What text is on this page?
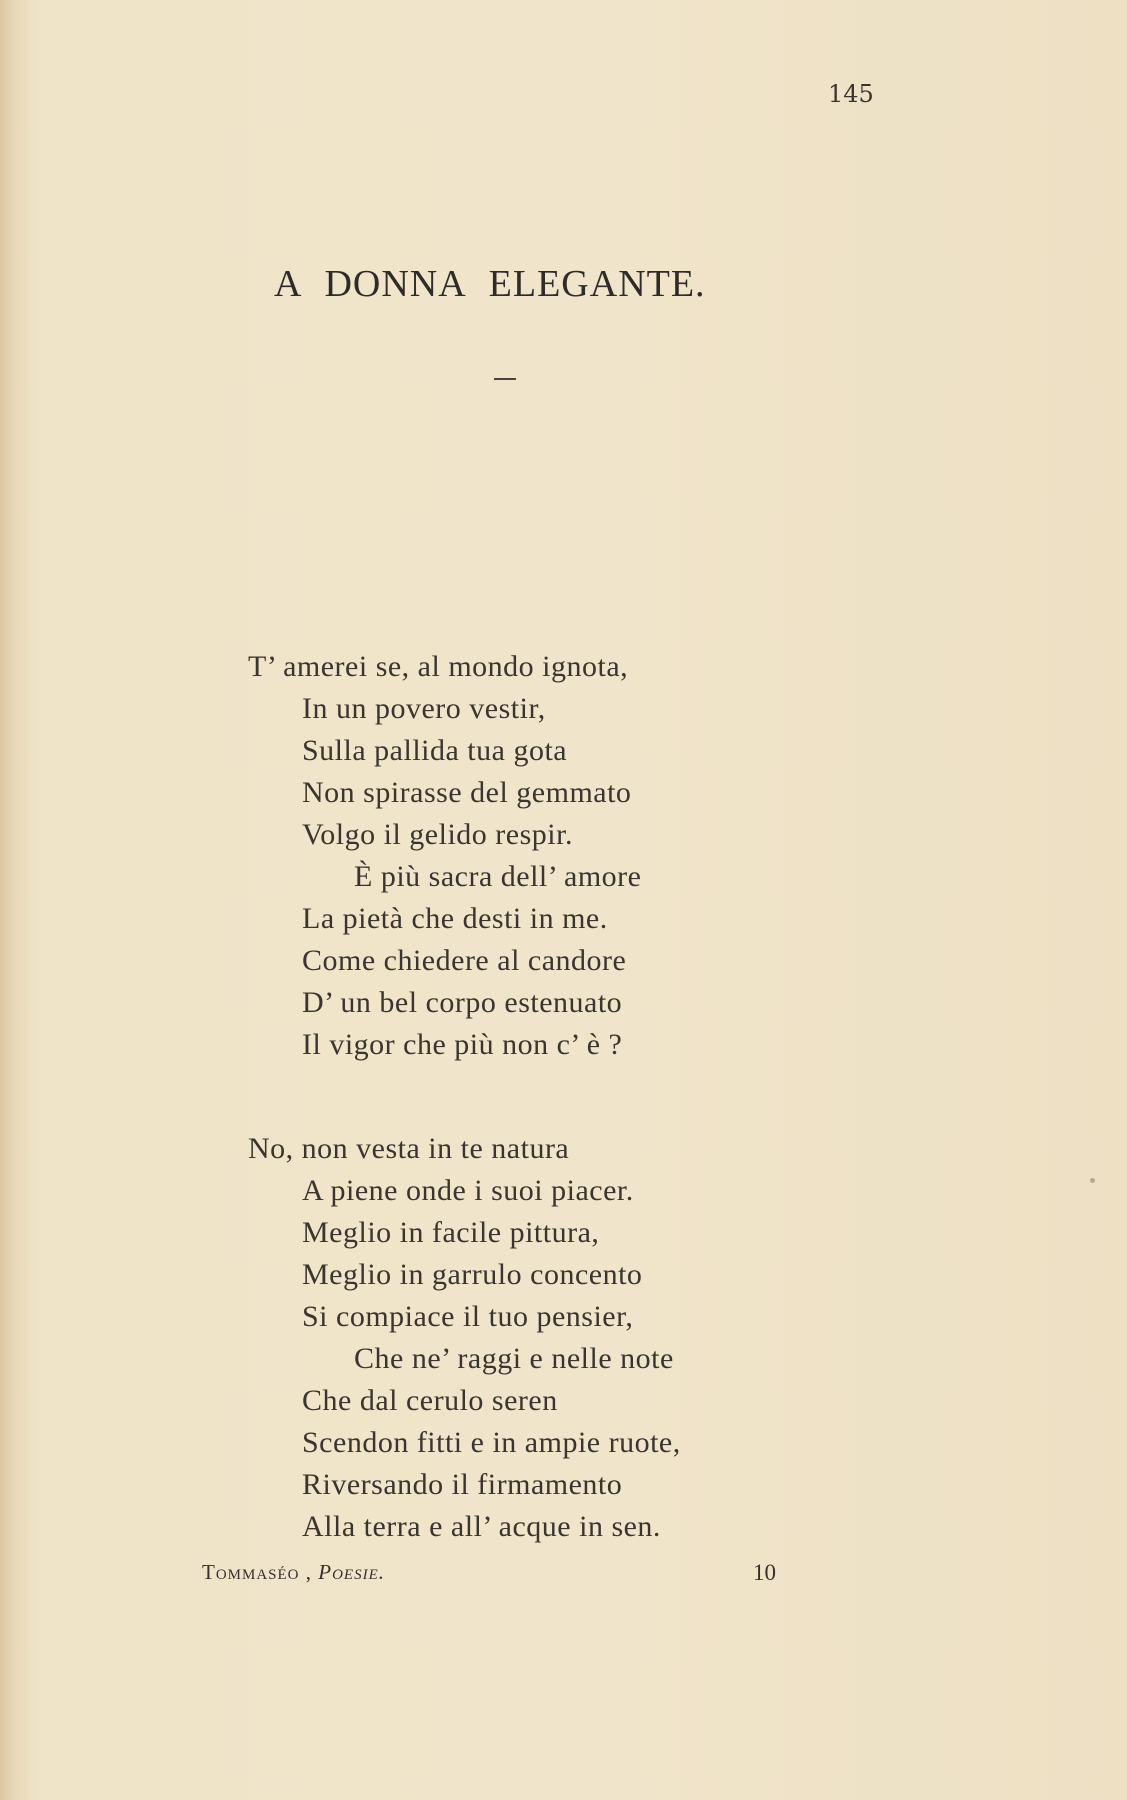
145
A DONNA ELEGANTE.
T’ amerei se, al mondo ignota,
In un povero vestir,
Sulla pallida tua gota
Non spirasse del gemmato
Volgo il gelido respir.
È più sacra dell’ amore
La pietà che desti in me.
Come chiedere al candore
D’ un bel corpo estenuato
Il vigor che più non c’ è ?
No, non vesta in te natura
A piene onde i suoi piacer.
Meglio in facile pittura,
Meglio in garrulo concento
Si compiace il tuo pensier,
Che ne’ raggi e nelle note
Che dal cerulo seren
Scendon fitti e in ampie ruote,
Riversando il firmamento
Alla terra e all’ acque in sen.
Tommaséo , Poesie.	10
